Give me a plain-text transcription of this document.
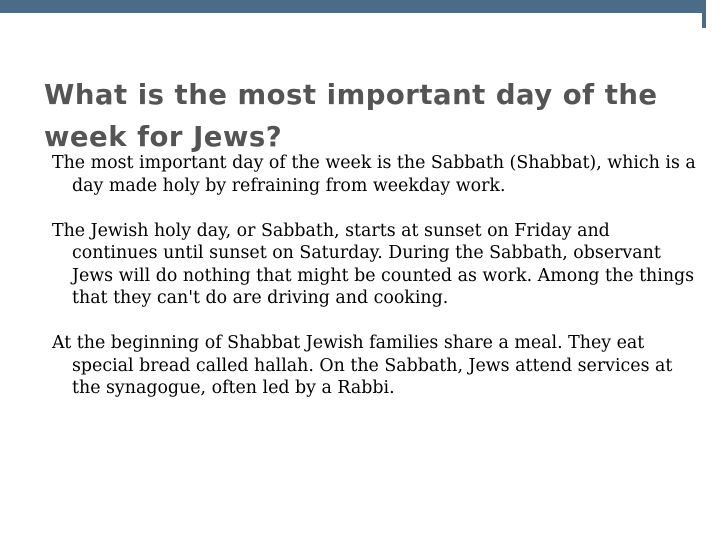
What is the most important day of the week for Jews?

The most important day of the week is the Sabbath (Shabbat), which is a day made holy by refraining from weekday work.

The Jewish holy day, or Sabbath, starts at sunset on Friday and continues until sunset on Saturday. During the Sabbath, observant Jews will do nothing that might be counted as work. Among the things that they can't do are driving and cooking.

At the beginning of Shabbat Jewish families share a meal. They eat special bread called hallah. On the Sabbath, Jews attend services at the synagogue, often led by a Rabbi.
